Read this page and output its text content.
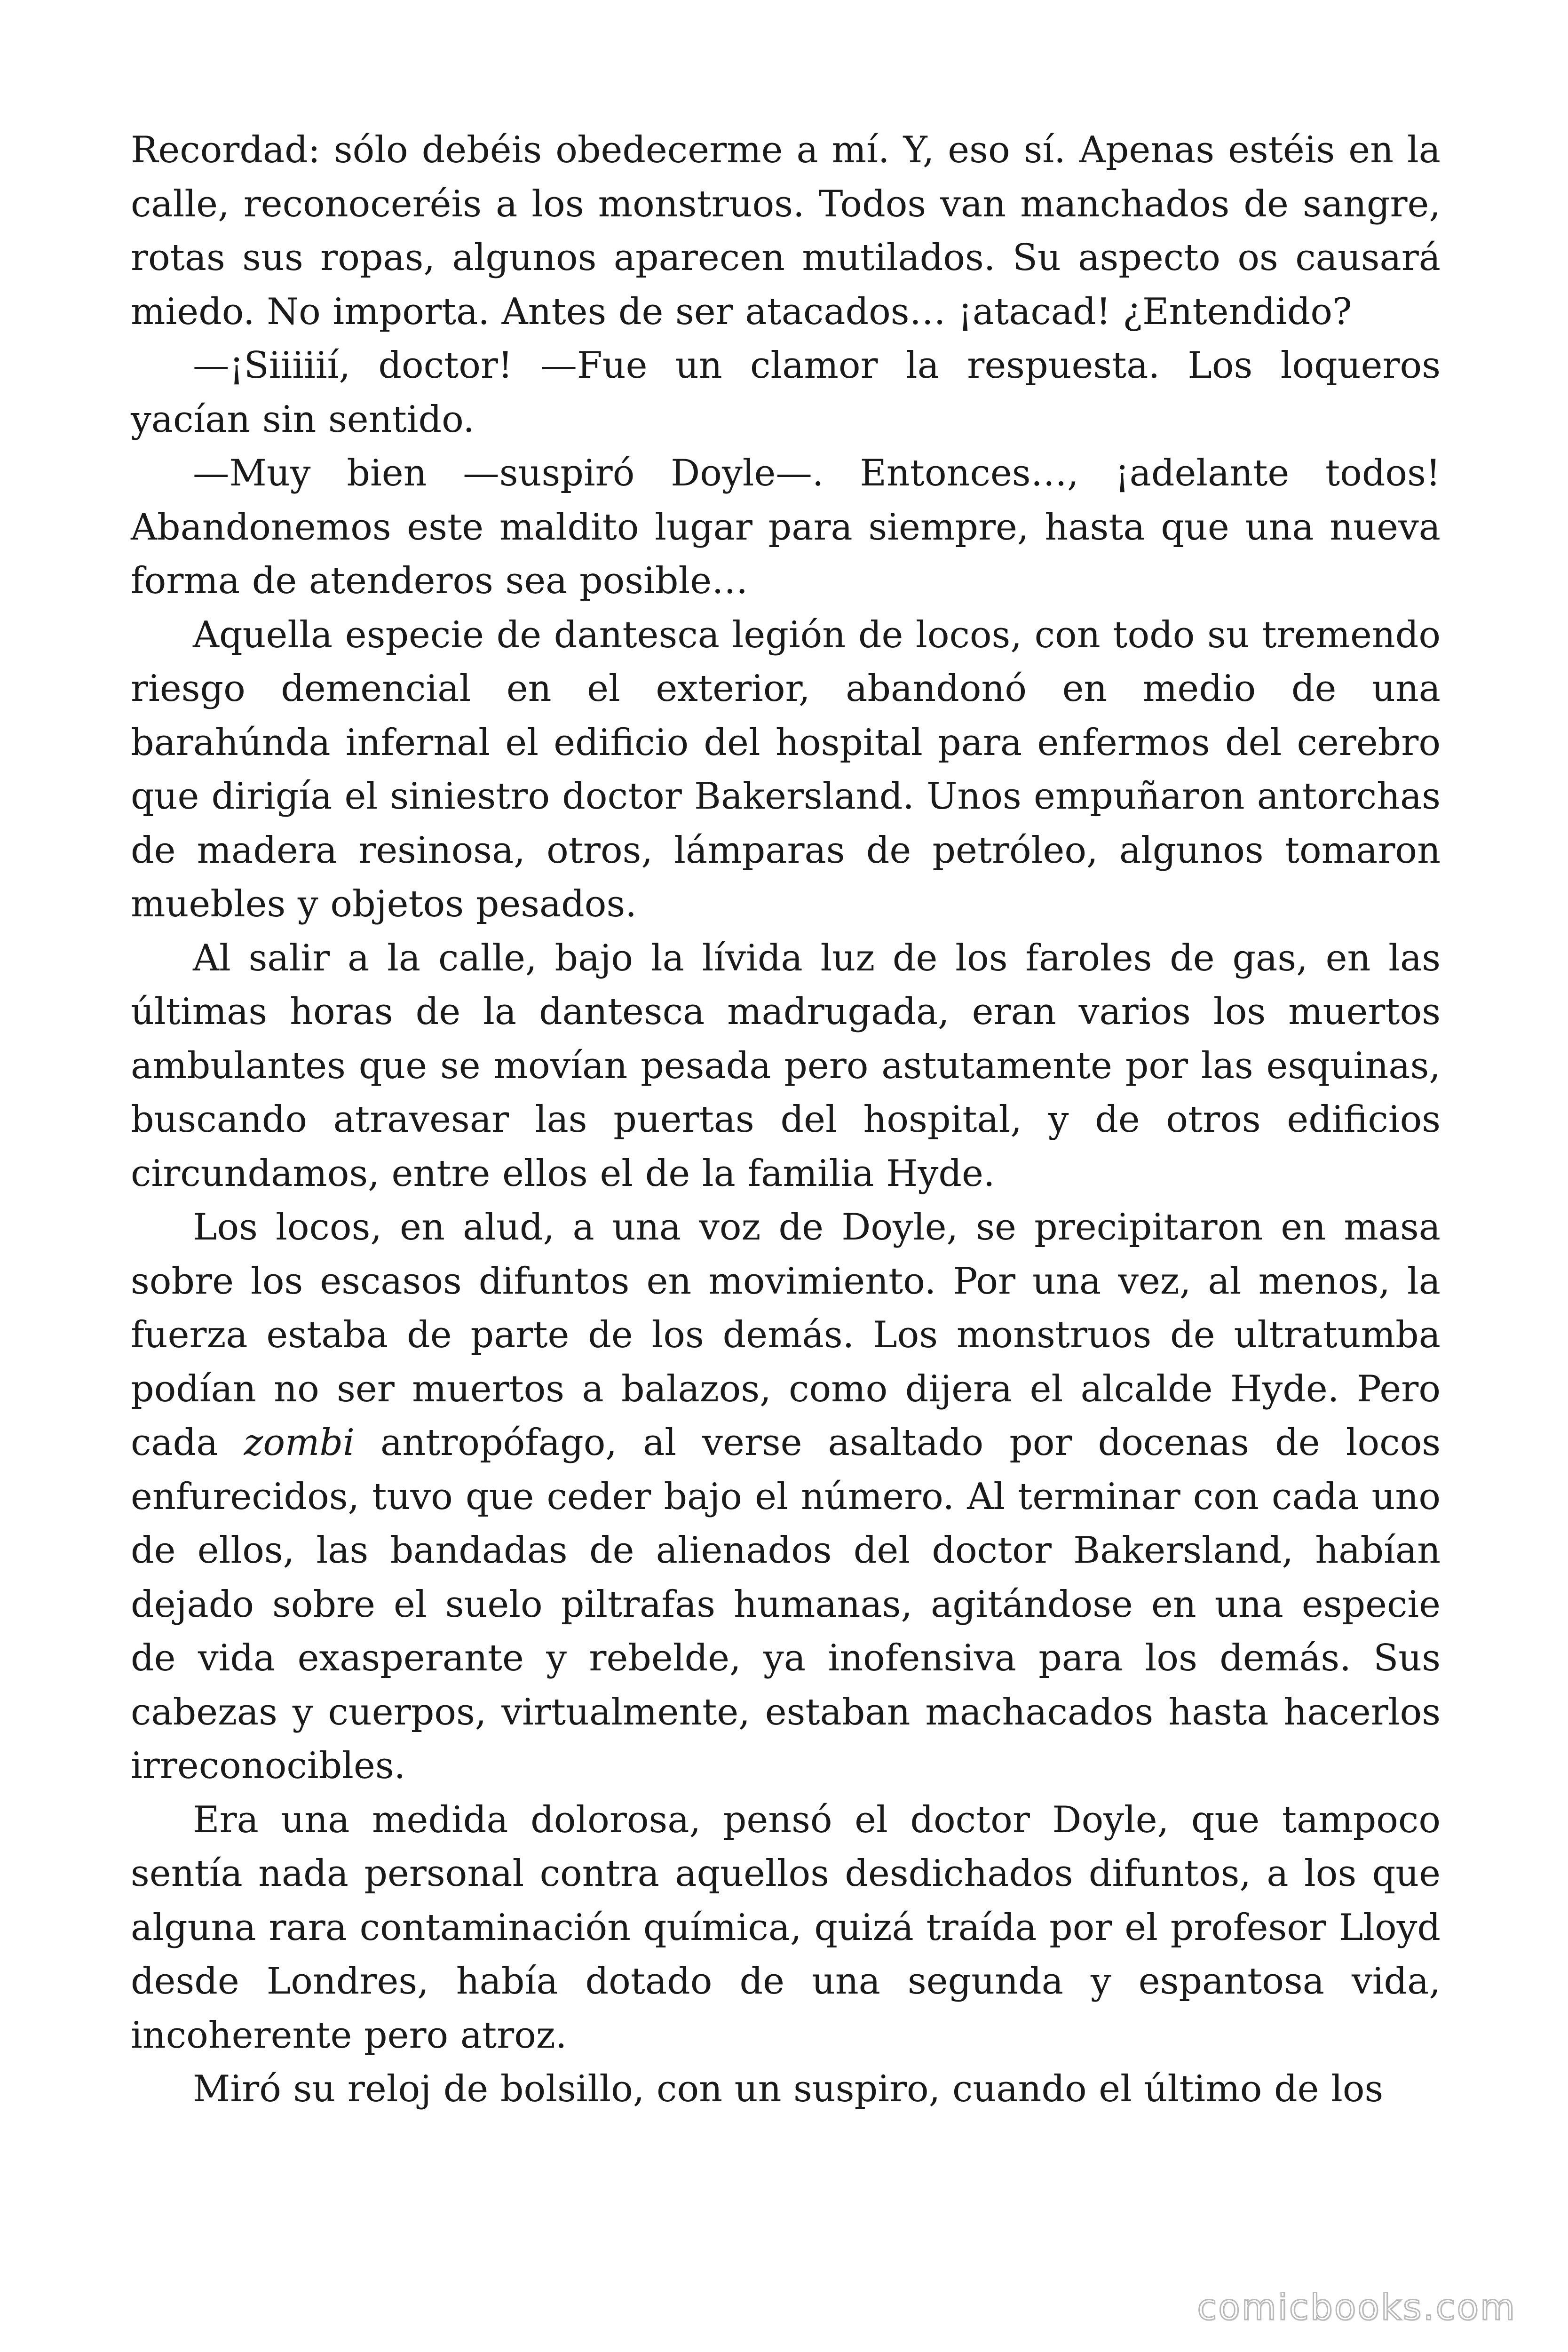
Recordad: sólo debéis obedecerme a mí. Y, eso sí. Apenas estéis en la calle, reconoceréis a los monstruos. Todos van manchados de sangre, rotas sus ropas, algunos aparecen mutilados. Su aspecto os causará miedo. No importa. Antes de ser atacados… ¡atacad! ¿Entendido?

—¡Siiiiií, doctor! —Fue un clamor la respuesta. Los loqueros yacían sin sentido.

—Muy bien —suspiró Doyle—. Entonces…, ¡adelante todos! Abandonemos este maldito lugar para siempre, hasta que una nueva forma de atenderos sea posible…

Aquella especie de dantesca legión de locos, con todo su tremendo riesgo demencial en el exterior, abandonó en medio de una barahúnda infernal el edificio del hospital para enfermos del cerebro que dirigía el siniestro doctor Bakersland. Unos empuñaron antorchas de madera resinosa, otros, lámparas de petróleo, algunos tomaron muebles y objetos pesados.

Al salir a la calle, bajo la lívida luz de los faroles de gas, en las últimas horas de la dantesca madrugada, eran varios los muertos ambulantes que se movían pesada pero astutamente por las esquinas, buscando atravesar las puertas del hospital, y de otros edificios circundamos, entre ellos el de la familia Hyde.

Los locos, en alud, a una voz de Doyle, se precipitaron en masa sobre los escasos difuntos en movimiento. Por una vez, al menos, la fuerza estaba de parte de los demás. Los monstruos de ultratumba podían no ser muertos a balazos, como dijera el alcalde Hyde. Pero cada zombi antropófago, al verse asaltado por docenas de locos enfurecidos, tuvo que ceder bajo el número. Al terminar con cada uno de ellos, las bandadas de alienados del doctor Bakersland, habían dejado sobre el suelo piltrafas humanas, agitándose en una especie de vida exasperante y rebelde, ya inofensiva para los demás. Sus cabezas y cuerpos, virtualmente, estaban machacados hasta hacerlos irreconocibles.

Era una medida dolorosa, pensó el doctor Doyle, que tampoco sentía nada personal contra aquellos desdichados difuntos, a los que alguna rara contaminación química, quizá traída por el profesor Lloyd desde Londres, había dotado de una segunda y espantosa vida, incoherente pero atroz.

Miró su reloj de bolsillo, con un suspiro, cuando el último de los

comicbooks.com
